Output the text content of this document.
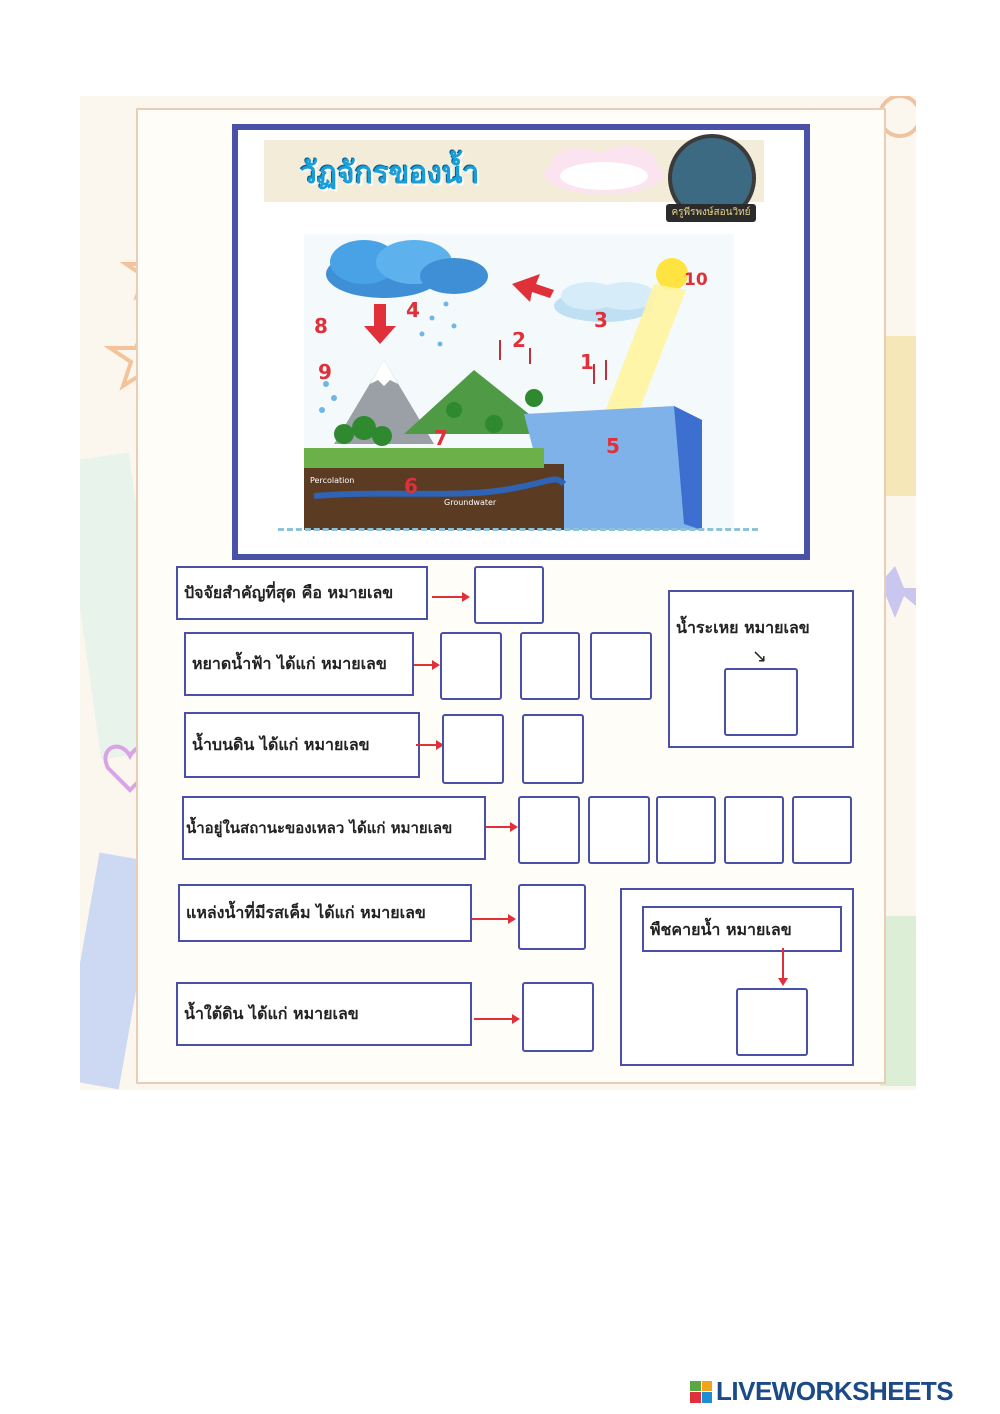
วัฏจักรของน้ำ
ครูพีรพงษ์สอนวิทย์
1
2
3
4
5
6
7
8
9
10
Percolation
Groundwater
ปัจจัยสำคัญที่สุด คือ หมายเลข
หยาดน้ำฟ้า ได้แก่ หมายเลข
น้ำบนดิน ได้แก่ หมายเลข
น้ำระเหย หมายเลข
↘
น้ำอยู่ในสถานะของเหลว ได้แก่ หมายเลข
แหล่งน้ำที่มีรสเค็ม ได้แก่ หมายเลข
พืชคายน้ำ หมายเลข
น้ำใต้ดิน ได้แก่ หมายเลข
LIVEWORKSHEETS
